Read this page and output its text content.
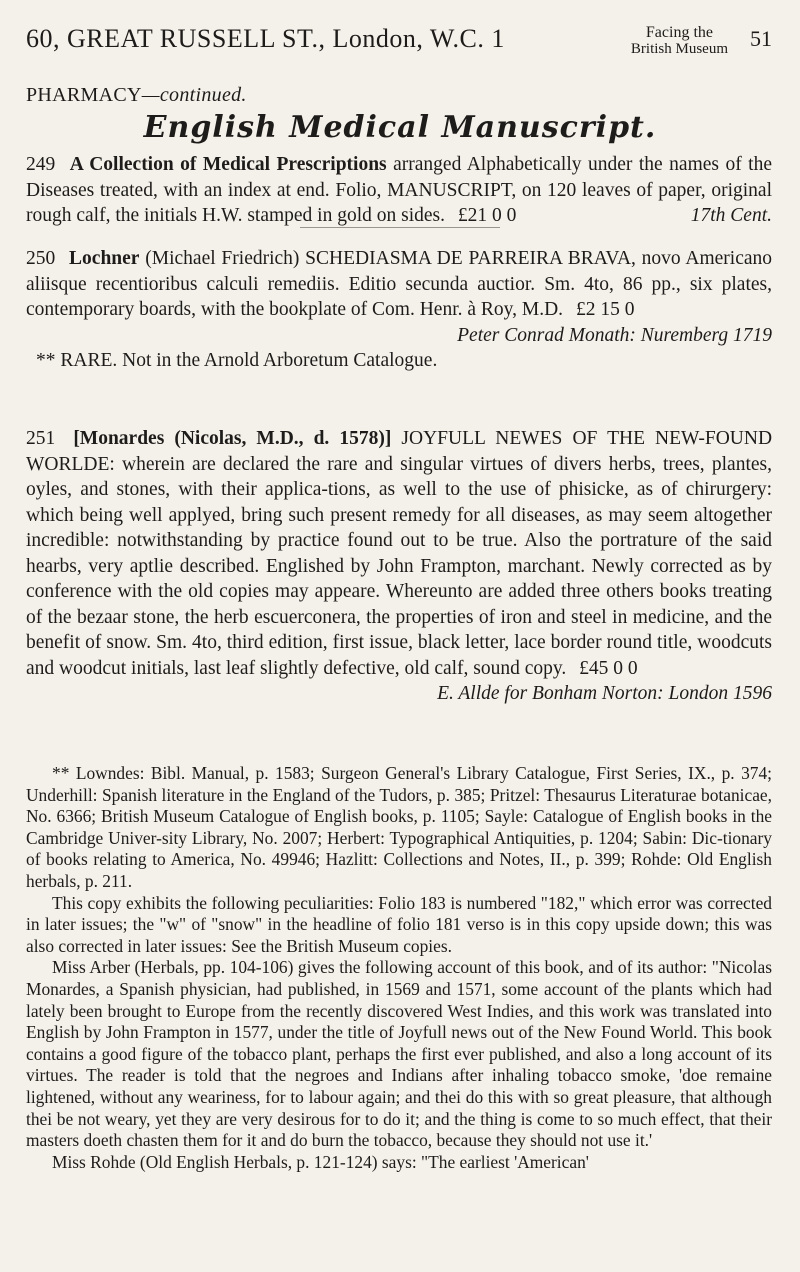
60, GREAT RUSSELL ST., London, W.C. 1	Facing the
British Museum 51
PHARMACY—continued.
English Medical Manuscript.
249 A Collection of Medical Prescriptions arranged Alphabetically under the names of the Diseases treated, with an index at end. Folio, MANUSCRIPT, on 120 leaves of paper, original rough calf, the initials H.W. stamped in gold on sides. £21 0 0	17th Cent.
250 Lochner (Michael Friedrich) SCHEDIASMA DE PARREIRA BRAVA, novo Americano aliisque recentioribus calculi remediis. Editio secunda auctior. Sm. 4to, 86 pp., six plates, contemporary boards, with the bookplate of Com. Henr. à Roy, M.D. £2 15 0
Peter Conrad Monath: Nuremberg 1719
** RARE. Not in the Arnold Arboretum Catalogue.
251 [Monardes (Nicolas, M.D., d. 1578)] JOYFULL NEWES OF THE NEW-FOUND WORLDE: wherein are declared the rare and singular virtues of divers herbs, trees, plantes, oyles, and stones, with their applica-tions, as well to the use of phisicke, as of chirurgery: which being well applyed, bring such present remedy for all diseases, as may seem altogether incredible: notwithstanding by practice found out to be true. Also the portrature of the said hearbs, very aptlie described. Englished by John Frampton, marchant. Newly corrected as by conference with the old copies may appeare. Whereunto are added three others books treating of the bezaar stone, the herb escuerconera, the properties of iron and steel in medicine, and the benefit of snow. Sm. 4to, third edition, first issue, black letter, lace border round title, woodcuts and woodcut initials, last leaf slightly defective, old calf, sound copy. £45 0 0
E. Allde for Bonham Norton: London 1596

** Lowndes: Bibl. Manual, p. 1583; Surgeon General's Library Catalogue, First Series, IX., p. 374; Underhill: Spanish literature in the England of the Tudors, p. 385; Pritzel: Thesaurus Literaturae botanicae, No. 6366; British Museum Catalogue of English books, p. 1105; Sayle: Catalogue of English books in the Cambridge Univer-sity Library, No. 2007; Herbert: Typographical Antiquities, p. 1204; Sabin: Dic-tionary of books relating to America, No. 49946; Hazlitt: Collections and Notes, II., p. 399; Rohde: Old English herbals, p. 211.

This copy exhibits the following peculiarities: Folio 183 is numbered "182," which error was corrected in later issues; the "w" of "snow" in the headline of folio 181 verso is in this copy upside down; this was also corrected in later issues: See the British Museum copies.

Miss Arber (Herbals, pp. 104-106) gives the following account of this book, and of its author: "Nicolas Monardes, a Spanish physician, had published, in 1569 and 1571, some account of the plants which had lately been brought to Europe from the recently discovered West Indies, and this work was translated into English by John Frampton in 1577, under the title of Joyfull news out of the New Found World. This book contains a good figure of the tobacco plant, perhaps the first ever published, and also a long account of its virtues. The reader is told that the negroes and Indians after inhaling tobacco smoke, 'doe remaine lightened, without any weariness, for to labour again; and thei do this with so great pleasure, that although thei be not weary, yet they are very desirous for to do it; and the thing is come to so much effect, that their masters doeth chasten them for it and do burn the tobacco, because they should not use it.'

Miss Rohde (Old English Herbals, p. 121-124) says: "The earliest 'American'
